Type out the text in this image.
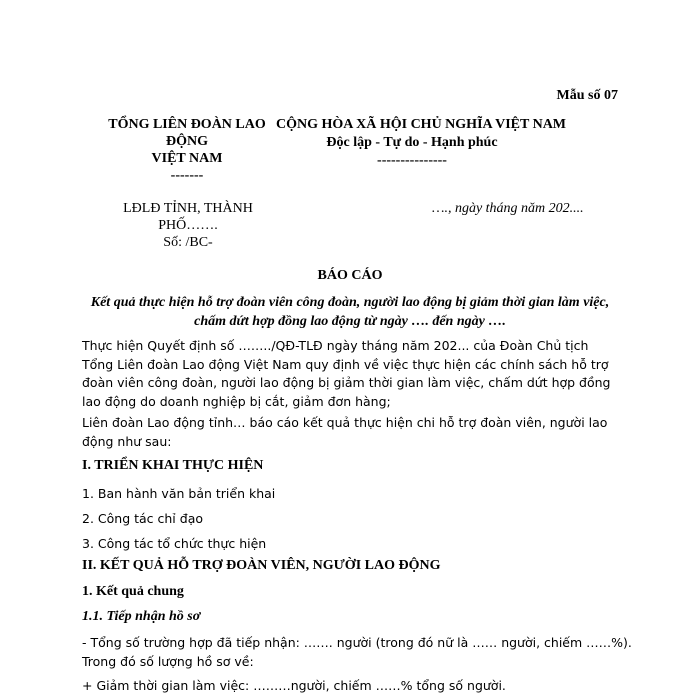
Mẫu số 07
TỔNG LIÊN ĐOÀN LAO
ĐỘNG
VIỆT NAM
-------
CỘNG HÒA XÃ HỘI CHỦ NGHĨA VIỆT NAM
Độc lập - Tự do - Hạnh phúc
---------------
LĐLĐ TỈNH, THÀNH
PHỐ…….
Số: /BC-
…., ngày tháng năm 202....
BÁO CÁO
Kết quả thực hiện hỗ trợ đoàn viên công đoàn, người lao động bị giảm thời gian làm việc, chấm dứt hợp đồng lao động từ ngày …. đến ngày ….
Thực hiện Quyết định số ……../QĐ-TLĐ ngày tháng năm 202... của Đoàn Chủ tịch Tổng Liên đoàn Lao động Việt Nam quy định về việc thực hiện các chính sách hỗ trợ đoàn viên công đoàn, người lao động bị giảm thời gian làm việc, chấm dứt hợp đồng lao động do doanh nghiệp bị cắt, giảm đơn hàng;
Liên đoàn Lao động tỉnh… báo cáo kết quả thực hiện chi hỗ trợ đoàn viên, người lao động như sau:
I. TRIỂN KHAI THỰC HIỆN
1. Ban hành văn bản triển khai
2. Công tác chỉ đạo
3. Công tác tổ chức thực hiện
II. KẾT QUẢ HỖ TRỢ ĐOÀN VIÊN, NGƯỜI LAO ĐỘNG
1. Kết quả chung
1.1. Tiếp nhận hồ sơ
- Tổng số trường hợp đã tiếp nhận: ……. người (trong đó nữ là …… người, chiếm ……%).
Trong đó số lượng hồ sơ về:
+ Giảm thời gian làm việc: ………người, chiếm ……% tổng số người.
